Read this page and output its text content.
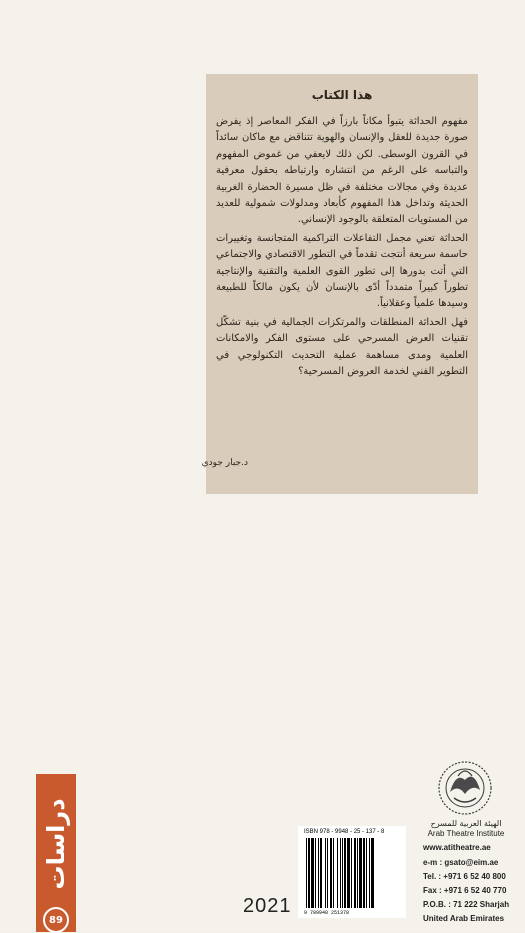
هذا الكتاب

مفهوم الحداثة يتبوأ مكاناً بارزاً في الفكر المعاصر إذ يفرض صورة جديدة للعقل والإنسان والهوية تتناقض مع ماكان سائداً في القرون الوسطى. لكن ذلك لايعفي من غموض المفهوم والتباسه على الرغم من انتشاره وارتباطه بحقول معرفية عديدة وفي مجالات مختلفة في ظل مسيرة الحضارة الغربية الحديثة وتداخل هذا المفهوم كأبعاد ومدلولات شمولية للعديد من المستويات المتعلقة بالوجود الإنساني.

الحداثة تعني مجمل التفاعلات التراكمية المتجانسة وتغييرات حاسمة سريعة أنتجت تقدماً في التطور الاقتصادي والاجتماعي التي أتت بدورها إلى تطور القوى العلمية والتقنية والإنتاجية تطوراً كبيراً متمدداً أدّى بالإنسان لأن يكون مالكاً للطبيعة وسيدها علمياً وعقلانياً.

فهل الحداثة المنطلقات والمرتكزات الجمالية في بنية تشكّل تقنيات العرض المسرحي على مستوى الفكر والامكانات العلمية ومدى مساهمة عملية التحديث التكنولوجي في التطوير الفني لخدمة العروض المسرحية؟

د.جبار جودي
دراسات
89
2021
ISBN 978 - 9948 - 25 - 137 - 8
9 789948 251378
الهيئة العربية للمسرح
Arab Theatre Institute
www.atitheatre.ae
e-m : gsato@eim.ae
Tel. : +971 6 52 40 800
Fax : +971 6 52 40 770
P.O.B. : 71 222 Sharjah
United Arab Emirates
